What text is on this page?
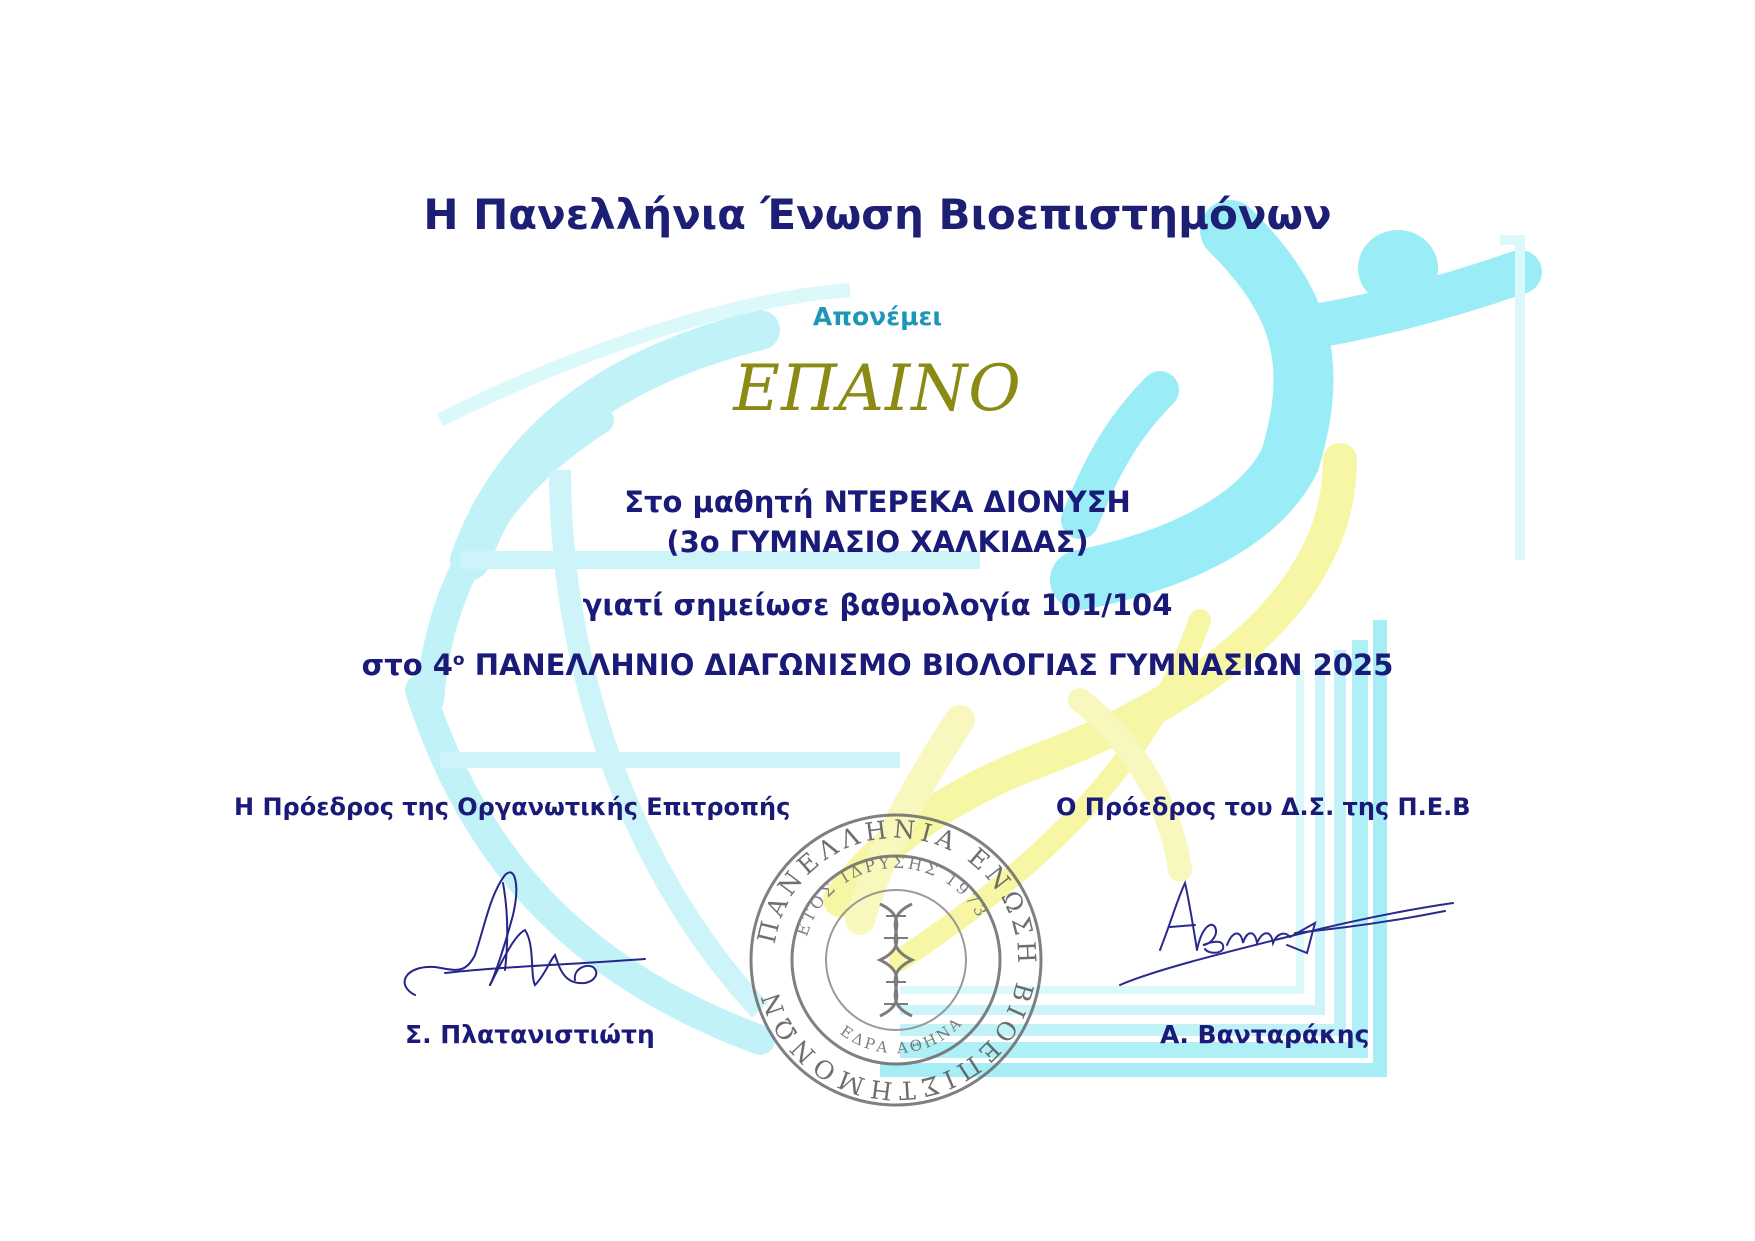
Η Πανελλήνια Ένωση Βιοεπιστημόνων
Απονέμει
ΕΠΑΙΝΟ
Στο μαθητή ΝΤΕΡΕΚΑ ΔΙΟΝΥΣΗ
(3ο ΓΥΜΝΑΣΙΟ ΧΑΛΚΙΔΑΣ)
γιατί σημείωσε βαθμολογία 101/104
στο $4^o$ ΠΑΝΕΛΛΗΝΙΟ ΔΙΑΓΩΝΙΣΜΟ ΒΙΟΛΟΓΙΑΣ ΓΥΜΝΑΣΙΩΝ 2025
Η Πρόεδρος της Οργανωτικής Επιτροπής
Σ. Πλατανιστιώτη
Ο Πρόεδρος του Δ.Σ. της Π.Ε.Β
Α. Βανταράκης
ΠΑΝΕΛΛΗΝΙΑ ΕΝΩΣΗ ΒΙΟΕΠΙΣΤΗΜΟΝΩΝ
ΕΤΟΣ ΙΔΡΥΣΗΣ 1973
ΕΔΡΑ ΑΘΗΝΑ
